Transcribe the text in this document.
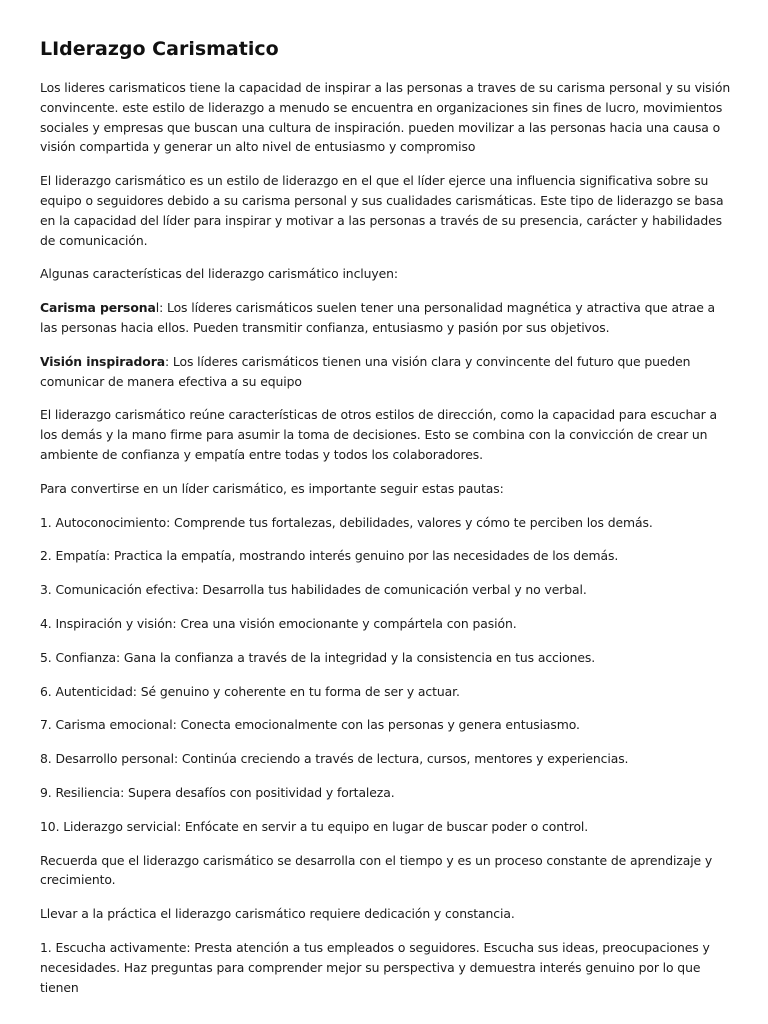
LIderazgo Carismatico

Los lideres carismaticos tiene la capacidad de inspirar a las personas a traves de su carisma personal y su visión convincente. este estilo de liderazgo a menudo se encuentra en organizaciones sin fines de lucro, movimientos sociales y empresas que buscan una cultura de inspiración. pueden movilizar a las personas hacia una causa o visión compartida y generar un alto nivel de entusiasmo y compromiso

El liderazgo carismático es un estilo de liderazgo en el que el líder ejerce una influencia significativa sobre su equipo o seguidores debido a su carisma personal y sus cualidades carismáticas. Este tipo de liderazgo se basa en la capacidad del líder para inspirar y motivar a las personas a través de su presencia, carácter y habilidades de comunicación.

Algunas características del liderazgo carismático incluyen:

Carisma personal: Los líderes carismáticos suelen tener una personalidad magnética y atractiva que atrae a las personas hacia ellos. Pueden transmitir confianza, entusiasmo y pasión por sus objetivos.

Visión inspiradora: Los líderes carismáticos tienen una visión clara y convincente del futuro que pueden comunicar de manera efectiva a su equipo

El liderazgo carismático reúne características de otros estilos de dirección, como la capacidad para escuchar a los demás y la mano firme para asumir la toma de decisiones. Esto se combina con la convicción de crear un ambiente de confianza y empatía entre todas y todos los colaboradores.

Para convertirse en un líder carismático, es importante seguir estas pautas:

1. Autoconocimiento: Comprende tus fortalezas, debilidades, valores y cómo te perciben los demás.

2. Empatía: Practica la empatía, mostrando interés genuino por las necesidades de los demás.

3. Comunicación efectiva: Desarrolla tus habilidades de comunicación verbal y no verbal.

4. Inspiración y visión: Crea una visión emocionante y compártela con pasión.

5. Confianza: Gana la confianza a través de la integridad y la consistencia en tus acciones.

6. Autenticidad: Sé genuino y coherente en tu forma de ser y actuar.

7. Carisma emocional: Conecta emocionalmente con las personas y genera entusiasmo.

8. Desarrollo personal: Continúa creciendo a través de lectura, cursos, mentores y experiencias.

9. Resiliencia: Supera desafíos con positividad y fortaleza.

10. Liderazgo servicial: Enfócate en servir a tu equipo en lugar de buscar poder o control.

Recuerda que el liderazgo carismático se desarrolla con el tiempo y es un proceso constante de aprendizaje y crecimiento.

Llevar a la práctica el liderazgo carismático requiere dedicación y constancia.

1. Escucha activamente: Presta atención a tus empleados o seguidores. Escucha sus ideas, preocupaciones y necesidades. Haz preguntas para comprender mejor su perspectiva y demuestra interés genuino por lo que tienen
